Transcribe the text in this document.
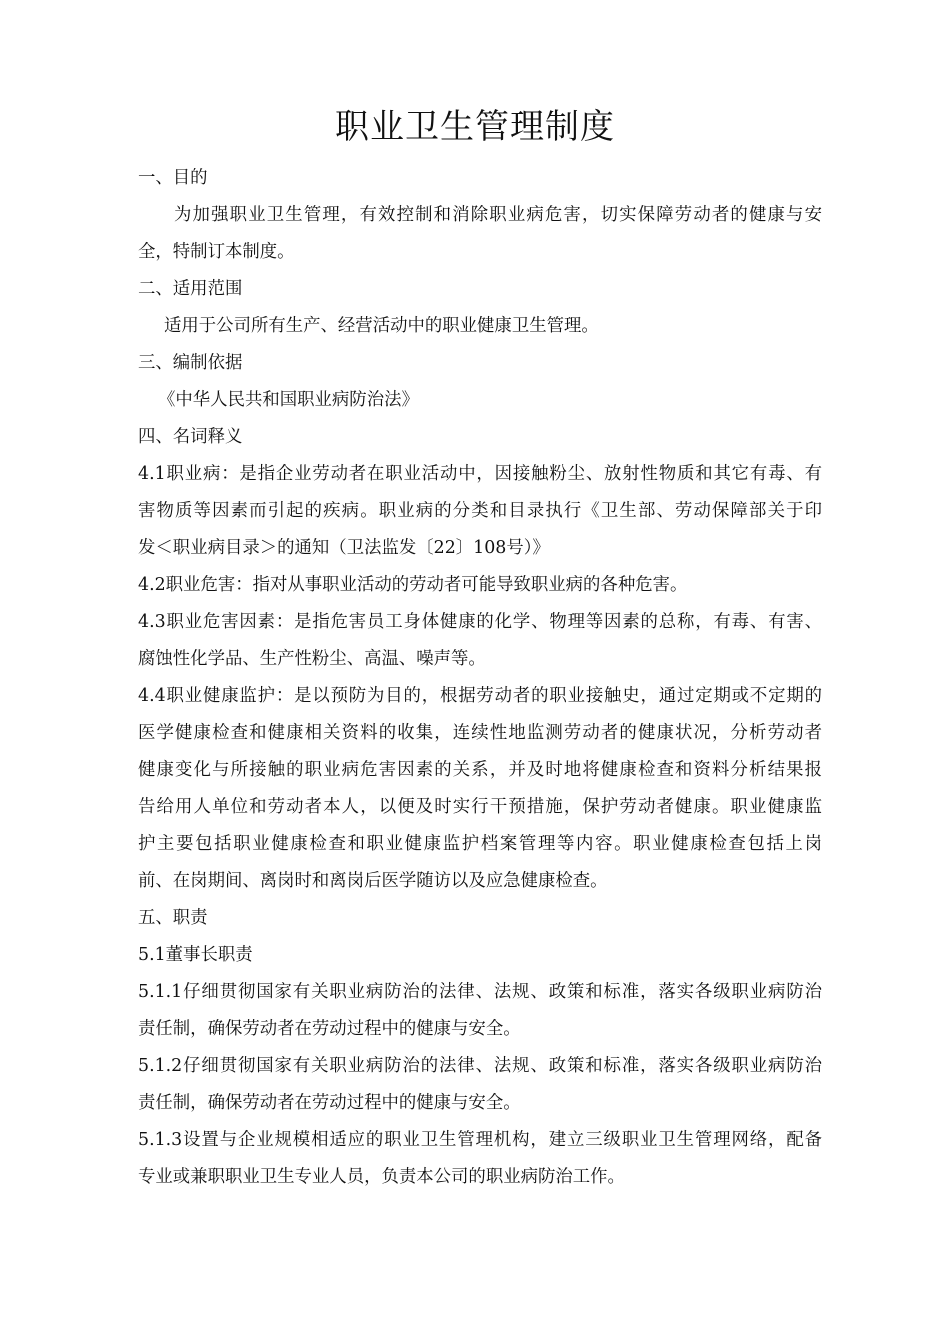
职业卫生管理制度
一、目的
为加强职业卫生管理，有效控制和消除职业病危害，切实保障劳动者的健康与安
全，特制订本制度。
二、适用范围
适用于公司所有生产、经营活动中的职业健康卫生管理。
三、编制依据
《中华人民共和国职业病防治法》
四、名词释义
4.1职业病：是指企业劳动者在职业活动中，因接触粉尘、放射性物质和其它有毒、有
害物质等因素而引起的疾病。职业病的分类和目录执行《卫生部、劳动保障部关于印
发＜职业病目录＞的通知（卫法监发〔22〕108号）》
4.2职业危害：指对从事职业活动的劳动者可能导致职业病的各种危害。
4.3职业危害因素：是指危害员工身体健康的化学、物理等因素的总称，有毒、有害、
腐蚀性化学品、生产性粉尘、高温、噪声等。
4.4职业健康监护：是以预防为目的，根据劳动者的职业接触史，通过定期或不定期的
医学健康检查和健康相关资料的收集，连续性地监测劳动者的健康状况，分析劳动者
健康变化与所接触的职业病危害因素的关系，并及时地将健康检查和资料分析结果报
告给用人单位和劳动者本人，以便及时实行干预措施，保护劳动者健康。职业健康监
护主要包括职业健康检查和职业健康监护档案管理等内容。职业健康检查包括上岗
前、在岗期间、离岗时和离岗后医学随访以及应急健康检查。
五、职责
5.1董事长职责
5.1.1仔细贯彻国家有关职业病防治的法律、法规、政策和标准，落实各级职业病防治
责任制，确保劳动者在劳动过程中的健康与安全。
5.1.2仔细贯彻国家有关职业病防治的法律、法规、政策和标准，落实各级职业病防治
责任制，确保劳动者在劳动过程中的健康与安全。
5.1.3设置与企业规模相适应的职业卫生管理机构，建立三级职业卫生管理网络，配备
专业或兼职职业卫生专业人员，负责本公司的职业病防治工作。
